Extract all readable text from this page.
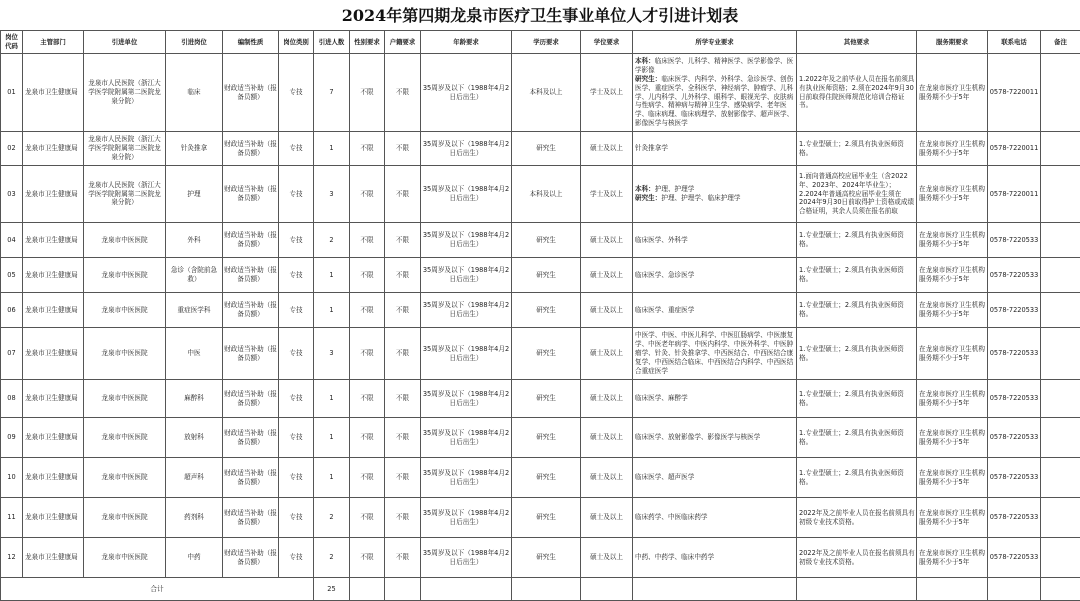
2024年第四期龙泉市医疗卫生事业单位人才引进计划表
岗位代码	主管部门	引进单位	引进岗位	编制性质	岗位类别	引进人数	性别要求	户籍要求	年龄要求	学历要求	学位要求	所学专业要求	其他要求	服务期要求	联系电话	备注

01	龙泉市卫生健康局	龙泉市人民医院（浙江大学医学院附属第二医院龙泉分院）	临床	财政适当补助（报备员额）	专技	7	不限	不限	35周岁及以下（1988年4月2日后出生）	本科及以上	学士及以上	本科：临床医学、儿科学、精神医学、医学影像学、医学影像
研究生：临床医学、内科学、外科学、急诊医学、创伤医学、重症医学、全科医学、神经病学、肿瘤学、儿科学、儿内科学、儿外科学、眼科学、眼视光学、皮肤病与性病学、精神病与精神卫生学、感染病学、老年医学、临床病理、临床病理学、放射影像学、超声医学、影像医学与核医学	1.2022年及之前毕业人员在报名前须具有执业医师资格；2.须在2024年9月30日前取得住院医师规范化培训合格证书。	在龙泉市医疗卫生机构服务期不少于5年	0578-7220011	

02	龙泉市卫生健康局	龙泉市人民医院（浙江大学医学院附属第二医院龙泉分院）	针灸推拿	财政适当补助（报备员额）	专技	1	不限	不限	35周岁及以下（1988年4月2日后出生）	研究生	硕士及以上	针灸推拿学	1.专业型硕士；2.须具有执业医师资格。	在龙泉市医疗卫生机构服务期不少于5年	0578-7220011	

03	龙泉市卫生健康局	龙泉市人民医院（浙江大学医学院附属第二医院龙泉分院）	护理	财政适当补助（报备员额）	专技	3	不限	不限	35周岁及以下（1988年4月2日后出生）	本科及以上	学士及以上	本科：护理、护理学
研究生：护理、护理学、临床护理学	1.面向普通高校应届毕业生（含2022年、2023年、2024年毕业生）；2.2024年普通高校应届毕业生须在2024年9月30日前取得护士资格或成绩合格证明，其余人员须在报名前取	在龙泉市医疗卫生机构服务期不少于5年	0578-7220011	

04	龙泉市卫生健康局	龙泉市中医医院	外科	财政适当补助（报备员额）	专技	2	不限	不限	35周岁及以下（1988年4月2日后出生）	研究生	硕士及以上	临床医学、外科学	1.专业型硕士；2.须具有执业医师资格。	在龙泉市医疗卫生机构服务期不少于5年	0578-7220533	

05	龙泉市卫生健康局	龙泉市中医医院	急诊（含院前急救）	财政适当补助（报备员额）	专技	1	不限	不限	35周岁及以下（1988年4月2日后出生）	研究生	硕士及以上	临床医学、急诊医学	1.专业型硕士；2.须具有执业医师资格。	在龙泉市医疗卫生机构服务期不少于5年	0578-7220533	

06	龙泉市卫生健康局	龙泉市中医医院	重症医学科	财政适当补助（报备员额）	专技	1	不限	不限	35周岁及以下（1988年4月2日后出生）	研究生	硕士及以上	临床医学、重症医学	1.专业型硕士；2.须具有执业医师资格。	在龙泉市医疗卫生机构服务期不少于5年	0578-7220533	

07	龙泉市卫生健康局	龙泉市中医医院	中医	财政适当补助（报备员额）	专技	3	不限	不限	35周岁及以下（1988年4月2日后出生）	研究生	硕士及以上	中医学、中医、中医儿科学、中医肛肠病学、中医康复学、中医老年病学、中医内科学、中医外科学、中医肿瘤学、针灸、针灸推拿学、中西医结合、中西医结合康复学、中西医结合临床、中西医结合内科学、中西医结合重症医学	1.专业型硕士；2.须具有执业医师资格。	在龙泉市医疗卫生机构服务期不少于5年	0578-7220533	

08	龙泉市卫生健康局	龙泉市中医医院	麻醉科	财政适当补助（报备员额）	专技	1	不限	不限	35周岁及以下（1988年4月2日后出生）	研究生	硕士及以上	临床医学、麻醉学	1.专业型硕士；2.须具有执业医师资格。	在龙泉市医疗卫生机构服务期不少于5年	0578-7220533	

09	龙泉市卫生健康局	龙泉市中医医院	放射科	财政适当补助（报备员额）	专技	1	不限	不限	35周岁及以下（1988年4月2日后出生）	研究生	硕士及以上	临床医学、放射影像学、影像医学与核医学	1.专业型硕士；2.须具有执业医师资格。	在龙泉市医疗卫生机构服务期不少于5年	0578-7220533	

10	龙泉市卫生健康局	龙泉市中医医院	超声科	财政适当补助（报备员额）	专技	1	不限	不限	35周岁及以下（1988年4月2日后出生）	研究生	硕士及以上	临床医学、超声医学	1.专业型硕士；2.须具有执业医师资格。	在龙泉市医疗卫生机构服务期不少于5年	0578-7220533	

11	龙泉市卫生健康局	龙泉市中医医院	药剂科	财政适当补助（报备员额）	专技	2	不限	不限	35周岁及以下（1988年4月2日后出生）	研究生	硕士及以上	临床药学、中医临床药学	2022年及之前毕业人员在报名前须具有初级专业技术资格。	在龙泉市医疗卫生机构服务期不少于5年	0578-7220533	

12	龙泉市卫生健康局	龙泉市中医医院	中药	财政适当补助（报备员额）	专技	2	不限	不限	35周岁及以下（1988年4月2日后出生）	研究生	硕士及以上	中药、中药学、临床中药学	2022年及之前毕业人员在报名前须具有初级专业技术资格。	在龙泉市医疗卫生机构服务期不少于5年	0578-7220533	

合计						25										
